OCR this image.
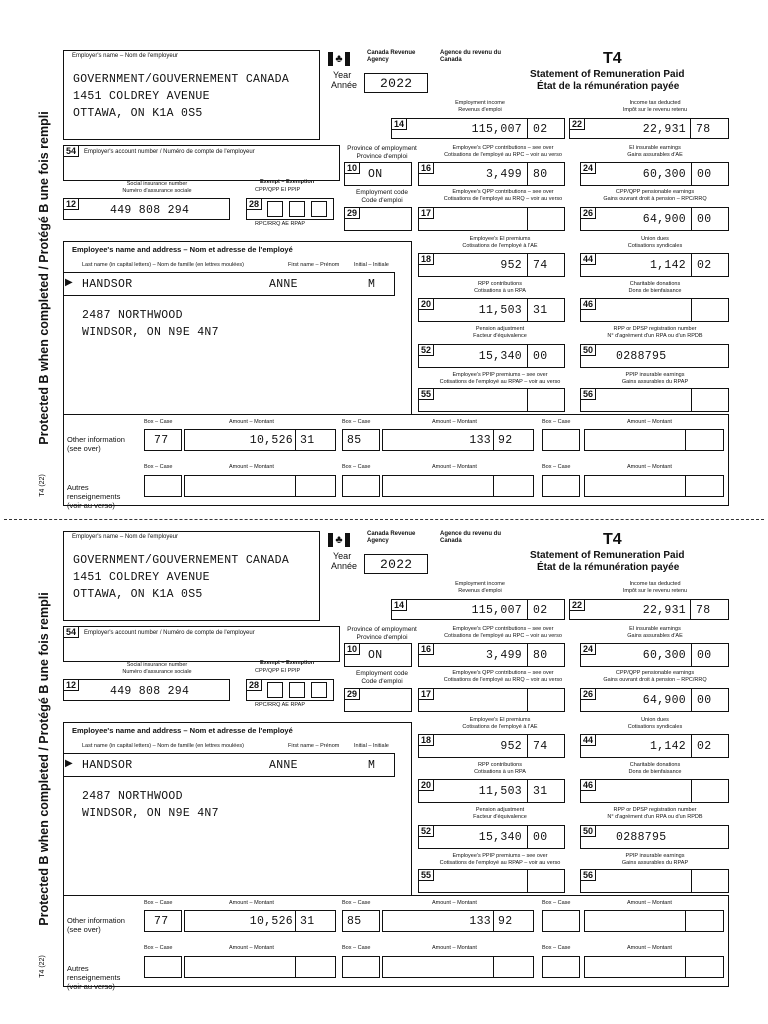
Protected B when completed / Protégé B une fois rempli
T4 (22)
Employer's name – Nom de l'employeur
GOVERNMENT/GOUVERNEMENT CANADA
1451 COLDREY AVENUE
OTTAWA, ON K1A 0S5
♣	Canada Revenue Agency
Agence du revenu du Canada
Year
Année 2022
T4
Statement of Remuneration Paid
État de la rémunération payée
Employment income
Revenus d'emploi
14	115,007 02
Income tax deducted
Impôt sur le revenu retenu
22	22,931 78
54	Employer's account number / Numéro de compte de l'employeur
Social insurance number
Numéro d'assurance sociale
12	449 808 294
Exempt – Exemption
CPP/QPP EI PPIP
28
RPC/RRQ AE RPAP
Province of employment
Province d'emploi
10 ON
Employment code
Code d'emploi
29
Employee's CPP contributions – see over
Cotisations de l'employé au RPC – voir au verso
16	3,499 80
EI insurable earnings
Gains assurables d'AE
24	60,300 00
Employee's QPP contributions – see over
Cotisations de l'employé au RRQ – voir au verso
17
CPP/QPP pensionable earnings
Gains ouvrant droit à pension – RPC/RRQ
26	64,900 00
Employee's name and address – Nom et adresse de l'employé
Last name (in capital letters) – Nom de famille (en lettres moulées)	First name – Prénom	Initial – Initiale
▶ HANDSOR	ANNE	M
2487 NORTHWOOD
WINDSOR, ON N9E 4N7
Employee's EI premiums
Cotisations de l'employé à l'AE
18	952 74
Union dues
Cotisations syndicales
44	1,142 02
RPP contributions
Cotisations à un RPA
20	11,503 31
Charitable donations
Dons de bienfaisance
46
Pension adjustment
Facteur d'équivalence
52	15,340 00
RPP or DPSP registration number
N° d'agrément d'un RPA ou d'un RPDB
50 0288795
Employee's PPIP premiums – see over
Cotisations de l'employé au RPAP – voir au verso
55
PPIP insurable earnings
Gains assurables du RPAP
56
Other information (see over)
Autres renseignements (voir au verso)
Box – Case	Amount – Montant	Box – Case	Amount – Montant	Box – Case	Amount – Montant
77	10,526 31	85	133 92
Box – Case	Amount – Montant	Box – Case	Amount – Montant	Box – Case	Amount – Montant
Protected B when completed / Protégé B une fois rempli
T4 (22)
Employer's name – Nom de l'employeur
GOVERNMENT/GOUVERNEMENT CANADA
1451 COLDREY AVENUE
OTTAWA, ON K1A 0S5
♣	Canada Revenue Agency
Agence du revenu du Canada
Year
Année 2022
T4
Statement of Remuneration Paid
État de la rémunération payée
Employment income
Revenus d'emploi
14	115,007 02
Income tax deducted
Impôt sur le revenu retenu
22	22,931 78
54	Employer's account number / Numéro de compte de l'employeur
Social insurance number
Numéro d'assurance sociale
12	449 808 294
Exempt – Exemption
CPP/QPP EI PPIP
28
RPC/RRQ AE RPAP
Province of employment
Province d'emploi
10 ON
Employment code
Code d'emploi
29
Employee's CPP contributions – see over
Cotisations de l'employé au RPC – voir au verso
16	3,499 80
EI insurable earnings
Gains assurables d'AE
24	60,300 00
Employee's QPP contributions – see over
Cotisations de l'employé au RRQ – voir au verso
17
CPP/QPP pensionable earnings
Gains ouvrant droit à pension – RPC/RRQ
26	64,900 00
Employee's name and address – Nom et adresse de l'employé
Last name (in capital letters) – Nom de famille (en lettres moulées)	First name – Prénom	Initial – Initiale
▶ HANDSOR	ANNE	M
2487 NORTHWOOD
WINDSOR, ON N9E 4N7
Employee's EI premiums
Cotisations de l'employé à l'AE
18	952 74
Union dues
Cotisations syndicales
44	1,142 02
RPP contributions
Cotisations à un RPA
20	11,503 31
Charitable donations
Dons de bienfaisance
46
Pension adjustment
Facteur d'équivalence
52	15,340 00
RPP or DPSP registration number
N° d'agrément d'un RPA ou d'un RPDB
50 0288795
Employee's PPIP premiums – see over
Cotisations de l'employé au RPAP – voir au verso
55
PPIP insurable earnings
Gains assurables du RPAP
56
Other information (see over)
Autres renseignements (voir au verso)
Box – Case	Amount – Montant	Box – Case	Amount – Montant	Box – Case	Amount – Montant
77	10,526 31	85	133 92
Box – Case	Amount – Montant	Box – Case	Amount – Montant	Box – Case	Amount – Montant
